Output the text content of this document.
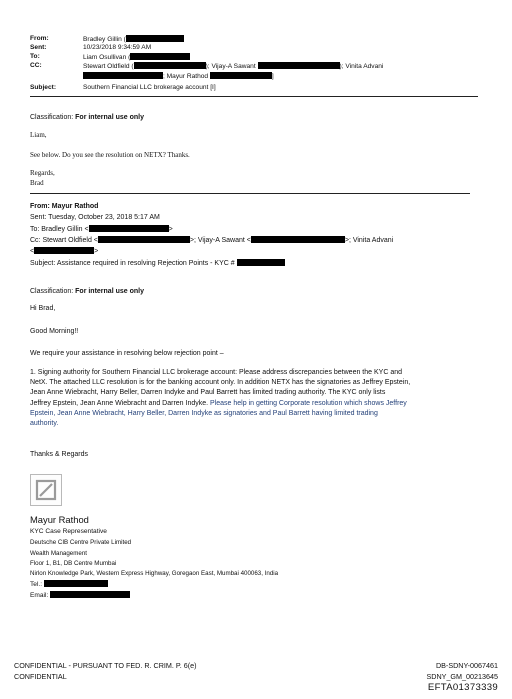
From:	Bradley Gillin (
Sent:	10/23/2018 9:34:59 AM
To:	Liam Osullivan (
CC:	Stewart Oldfield (	); Vijay-A Sawant	); Vinita Advani
; Mayur Rathod	]
Subject:	Southern Financial LLC brokerage account [I]
Classification: For internal use only
Liam,
See below. Do you see the resolution on NETX? Thanks.
Regards,
Brad
From: Mayur Rathod
Sent: Tuesday, October 23, 2018 5:17 AM
To: Bradley Gillin <	>
Cc: Stewart Oldfield <	>; Vijay-A Sawant <	>; Vinita Advani
<	>
Subject: Assistance required in resolving Rejection Points - KYC #
Classification: For internal use only
Hi Brad,
Good Morning!!
We require your assistance in resolving below rejection point –
1. Signing authority for Southern Financial LLC brokerage account: Please address discrepancies between the KYC and
NetX. The attached LLC resolution is for the banking account only. In addition NETX has the signatories as Jeffrey Epstein,
Jean Anne Wiebracht, Harry Beller, Darren Indyke and Paul Barrett has limited trading authority. The KYC only lists
Jeffrey Epstein, Jean Anne Wiebracht and Darren Indyke. Please help in getting Corporate resolution which shows Jeffrey
Epstein, Jean Anne Wiebracht, Harry Beller, Darren Indyke as signatories and Paul Barrett having limited trading
authority.
Thanks & Regards
Mayur Rathod
KYC Case Representative
Deutsche CIB Centre Private Limited
Wealth Management
Floor 1, B1, DB Centre Mumbai
Nirlon Knowledge Park, Western Express Highway, Goregaon East, Mumbai 400063, India
Tel.:
Email:
CONFIDENTIAL - PURSUANT TO FED. R. CRIM. P. 6(e)
CONFIDENTIAL
DB-SDNY-0067461
SDNY_GM_00213645
EFTA01373339
